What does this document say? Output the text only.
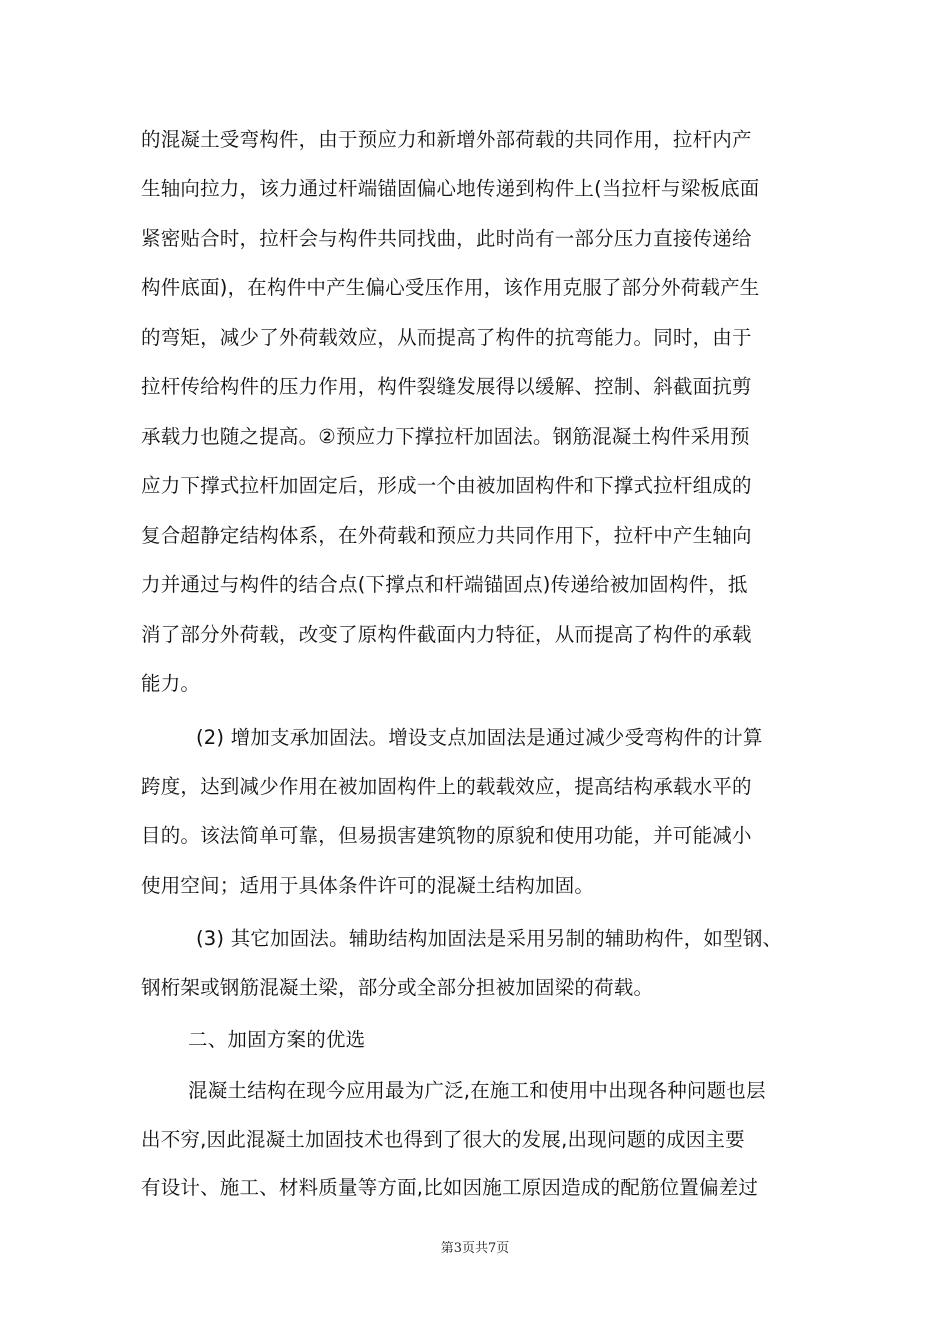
的混凝土受弯构件，由于预应力和新增外部荷载的共同作用，拉杆内产
生轴向拉力，该力通过杆端锚固偏心地传递到构件上(当拉杆与梁板底面
紧密贴合时，拉杆会与构件共同找曲，此时尚有一部分压力直接传递给
构件底面)，在构件中产生偏心受压作用，该作用克服了部分外荷载产生
的弯矩，减少了外荷载效应，从而提高了构件的抗弯能力。同时，由于
拉杆传给构件的压力作用，构件裂缝发展得以缓解、控制、斜截面抗剪
承载力也随之提高。②预应力下撑拉杆加固法。钢筋混凝土构件采用预
应力下撑式拉杆加固定后，形成一个由被加固构件和下撑式拉杆组成的
复合超静定结构体系，在外荷载和预应力共同作用下，拉杆中产生轴向
力并通过与构件的结合点(下撑点和杆端锚固点)传递给被加固构件，抵
消了部分外荷载，改变了原构件截面内力特征，从而提高了构件的承载
能力。
(2) 增加支承加固法。增设支点加固法是通过减少受弯构件的计算
跨度，达到减少作用在被加固构件上的载载效应，提高结构承载水平的
目的。该法简单可靠，但易损害建筑物的原貌和使用功能，并可能减小
使用空间；适用于具体条件许可的混凝土结构加固。
(3) 其它加固法。辅助结构加固法是采用另制的辅助构件，如型钢、
钢桁架或钢筋混凝土梁，部分或全部分担被加固梁的荷载。
二、加固方案的优选
混凝土结构在现今应用最为广泛,在施工和使用中出现各种问题也层
出不穷,因此混凝土加固技术也得到了很大的发展,出现问题的成因主要
有设计、施工、材料质量等方面,比如因施工原因造成的配筋位置偏差过
第3页共7页
